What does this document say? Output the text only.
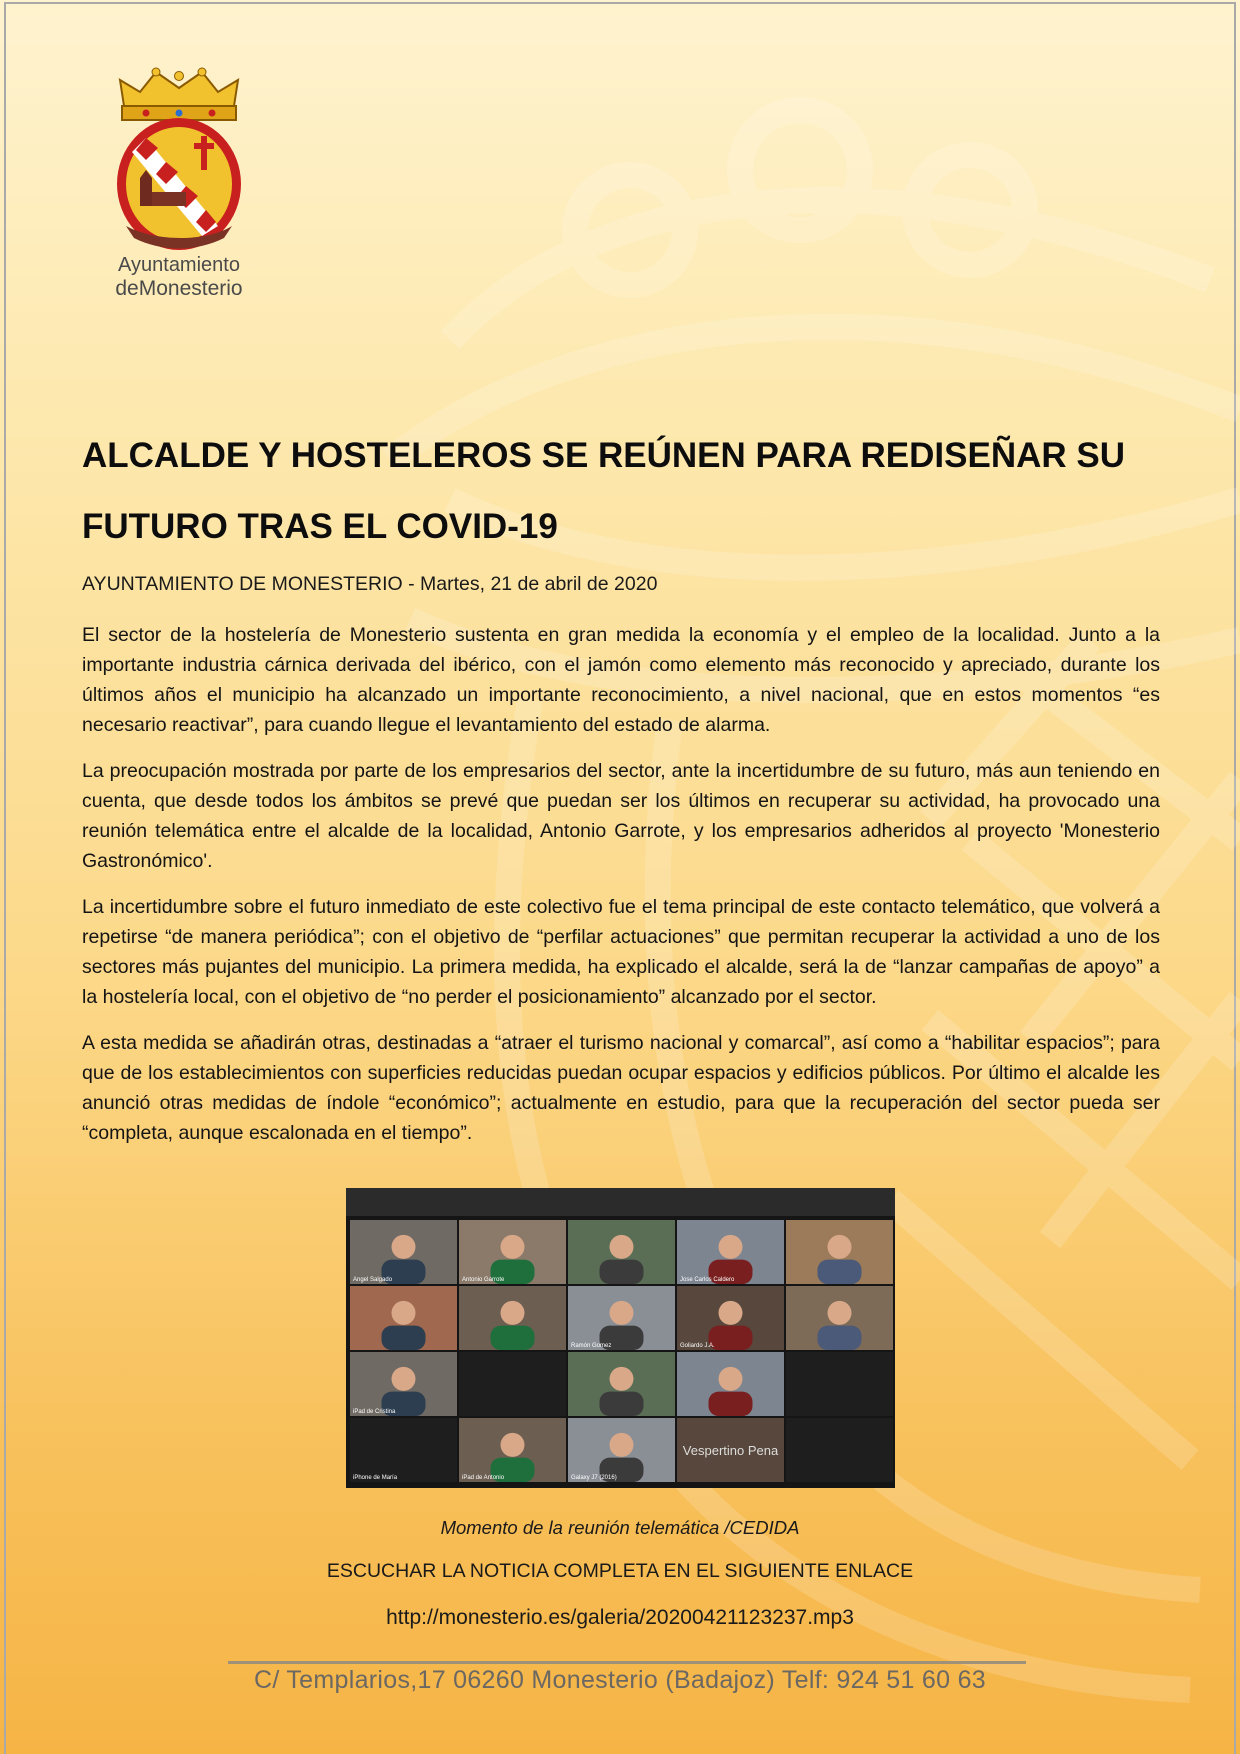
Ayuntamiento
deMonesterio
ALCALDE Y HOSTELEROS SE REÚNEN PARA REDISEÑAR SU FUTURO TRAS EL COVID-19
AYUNTAMIENTO DE MONESTERIO - Martes, 21 de abril de 2020

El sector de la hostelería de Monesterio sustenta en gran medida la economía y el empleo de la localidad. Junto a la importante industria cárnica derivada del ibérico, con el jamón como elemento más reconocido y apreciado, durante los últimos años el municipio ha alcanzado un importante reconocimiento, a nivel nacional, que en estos momentos “es necesario reactivar”, para cuando llegue el levantamiento del estado de alarma.

La preocupación mostrada por parte de los empresarios del sector, ante la incertidumbre de su futuro, más aun teniendo en cuenta, que desde todos los ámbitos se prevé que puedan ser los últimos en recuperar su actividad, ha provocado una reunión telemática entre el alcalde de la localidad, Antonio Garrote, y los empresarios adheridos al proyecto 'Monesterio Gastronómico'.

La incertidumbre sobre el futuro inmediato de este colectivo fue el tema principal de este contacto telemático, que volverá a repetirse “de manera periódica”; con el objetivo de “perfilar actuaciones” que permitan recuperar la actividad a uno de los sectores más pujantes del municipio. La primera medida, ha explicado el alcalde, será la de “lanzar campañas de apoyo” a la hostelería local, con el objetivo de “no perder el posicionamiento” alcanzado por el sector.

A esta medida se añadirán otras, destinadas a “atraer el turismo nacional y comarcal”, así como a “habilitar espacios”; para que de los establecimientos con superficies reducidas puedan ocupar espacios y edificios públicos. Por último el alcalde les anunció otras medidas de índole “económico”; actualmente en estudio, para que la recuperación del sector pueda ser “completa, aunque escalonada en el tiempo”.

Angel Salgado	Antonio Garrote	Jose Carlos Caldero
Ramón Gomez	Goliardo J.A.
iPad de Cristina
iPhone de María	iPad de Antonio	Galaxy J7 (2016)
Vespertino Pena
Momento de la reunión telemática /CEDIDA
ESCUCHAR LA NOTICIA COMPLETA EN EL SIGUIENTE ENLACE
http://monesterio.es/galeria/20200421123237.mp3
C/ Templarios,17 06260 Monesterio (Badajoz) Telf: 924 51 60 63
